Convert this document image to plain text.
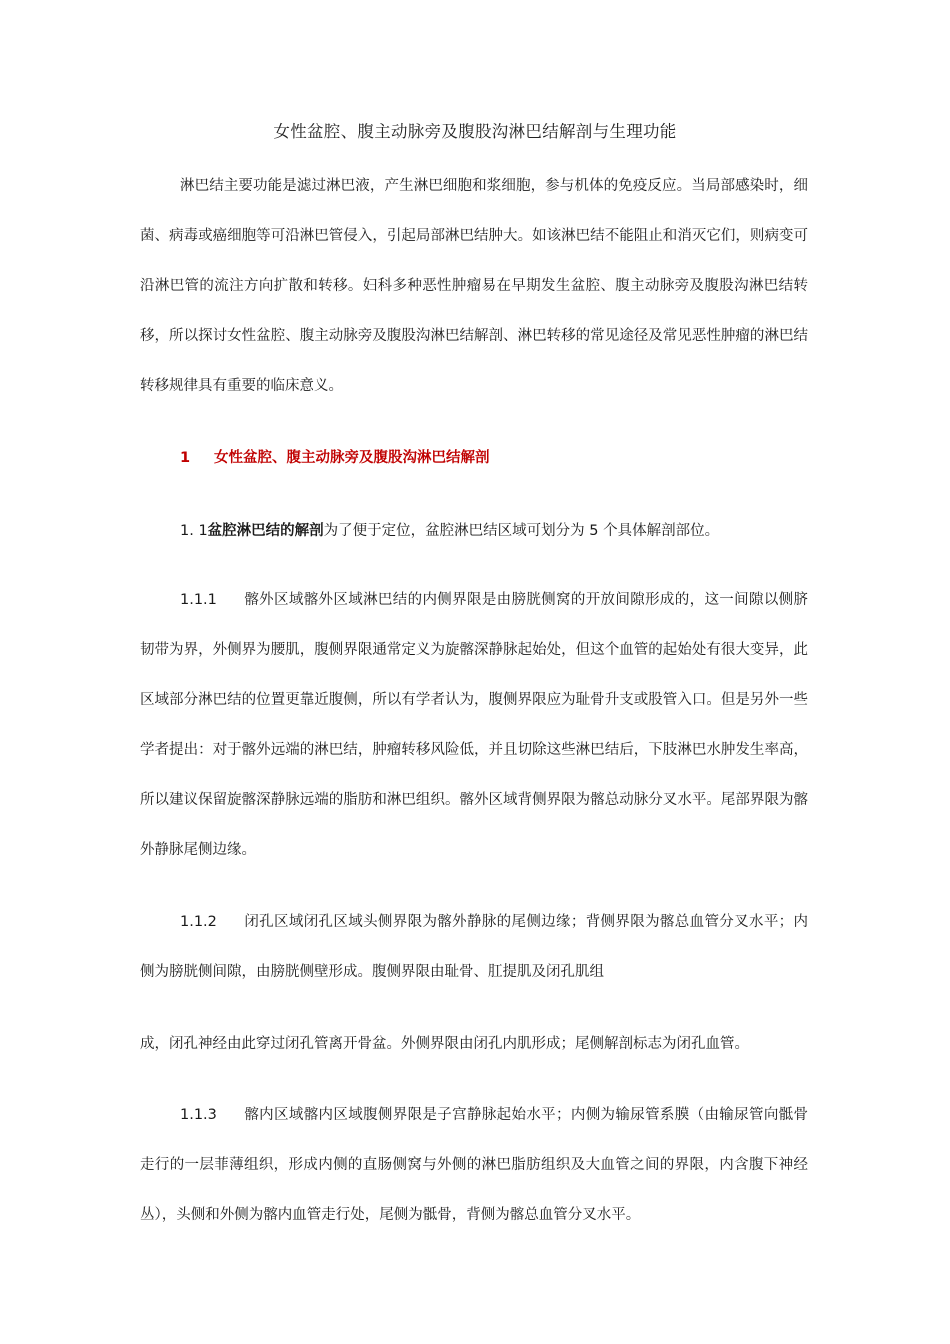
女性盆腔、腹主动脉旁及腹股沟淋巴结解剖与生理功能
淋巴结主要功能是滤过淋巴液，产生淋巴细胞和浆细胞，参与机体的免疫反应。当局部感染时，细菌、病毒或癌细胞等可沿淋巴管侵入，引起局部淋巴结肿大。如该淋巴结不能阻止和消灭它们，则病变可沿淋巴管的流注方向扩散和转移。妇科多种恶性肿瘤易在早期发生盆腔、腹主动脉旁及腹股沟淋巴结转移，所以探讨女性盆腔、腹主动脉旁及腹股沟淋巴结解剖、淋巴转移的常见途径及常见恶性肿瘤的淋巴结转移规律具有重要的临床意义。
1 女性盆腔、腹主动脉旁及腹股沟淋巴结解剖
1. 1盆腔淋巴结的解剖为了便于定位，盆腔淋巴结区域可划分为 5 个具体解剖部位。
1.1.1 髂外区域髂外区域淋巴结的内侧界限是由膀胱侧窝的开放间隙形成的，这一间隙以侧脐韧带为界，外侧界为腰肌，腹侧界限通常定义为旋髂深静脉起始处，但这个血管的起始处有很大变异，此区域部分淋巴结的位置更靠近腹侧，所以有学者认为，腹侧界限应为耻骨升支或股管入口。但是另外一些学者提出：对于髂外远端的淋巴结，肿瘤转移风险低，并且切除这些淋巴结后，下肢淋巴水肿发生率高，所以建议保留旋髂深静脉远端的脂肪和淋巴组织。髂外区域背侧界限为髂总动脉分叉水平。尾部界限为髂外静脉尾侧边缘。
1.1.2 闭孔区域闭孔区域头侧界限为髂外静脉的尾侧边缘；背侧界限为髂总血管分叉水平；内侧为膀胱侧间隙，由膀胱侧壁形成。腹侧界限由耻骨、肛提肌及闭孔肌组
成，闭孔神经由此穿过闭孔管离开骨盆。外侧界限由闭孔内肌形成；尾侧解剖标志为闭孔血管。
1.1.3 髂内区域髂内区域腹侧界限是子宫静脉起始水平；内侧为输尿管系膜（由输尿管向骶骨走行的一层菲薄组织，形成内侧的直肠侧窝与外侧的淋巴脂肪组织及大血管之间的界限，内含腹下神经丛），头侧和外侧为髂内血管走行处，尾侧为骶骨，背侧为髂总血管分叉水平。
